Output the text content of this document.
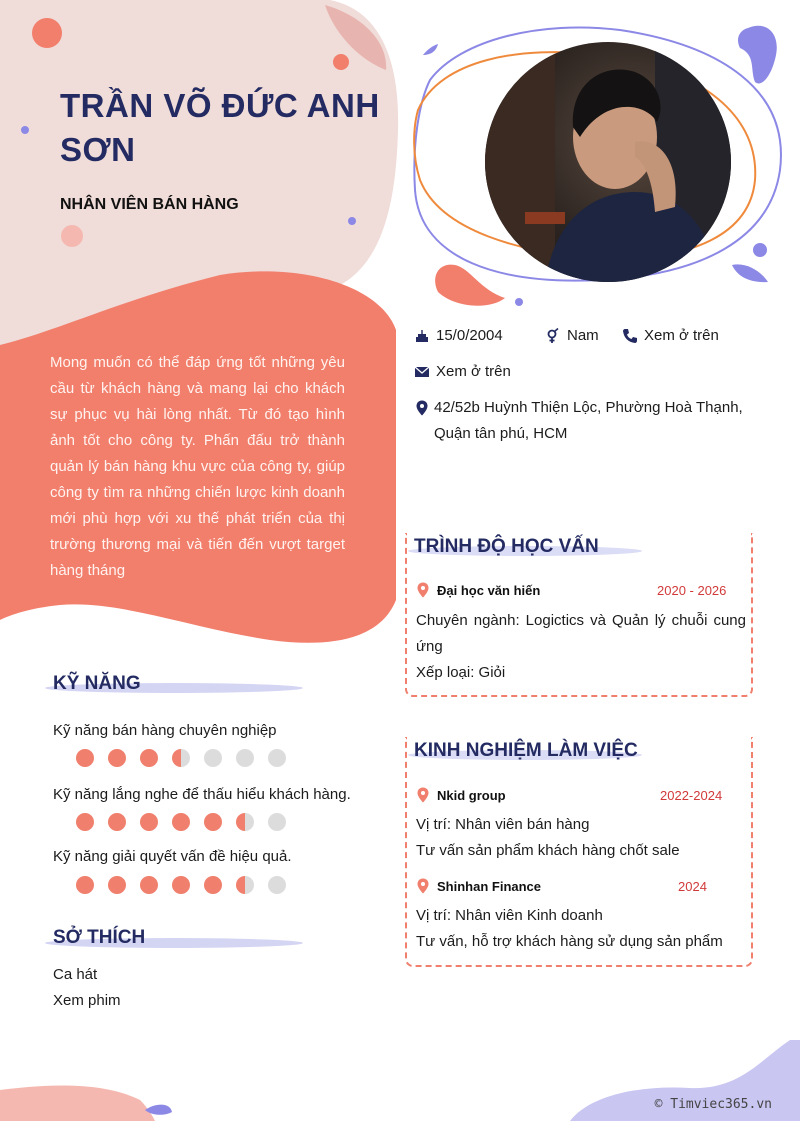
TRẦN VÕ ĐỨC ANH SƠN
NHÂN VIÊN BÁN HÀNG
Mong muốn có thể đáp ứng tốt những yêu cầu từ khách hàng và mang lại cho khách sự phục vụ hài lòng nhất. Từ đó tạo hình ảnh tốt cho công ty. Phấn đấu trở thành quản lý bán hàng khu vực của công ty, giúp công ty tìm ra những chiến lược kinh doanh mới phù hợp với xu thế phát triển của thị trường thương mại và tiến đến vượt target hàng tháng
15/0/2004	Nam	Xem ở trên
Xem ở trên
42/52b Huỳnh Thiện Lộc, Phường Hoà Thạnh,
Quận tân phú, HCM
KỸ NĂNG
Kỹ năng bán hàng chuyên nghiệp
Kỹ năng lắng nghe để thấu hiểu khách hàng.
Kỹ năng giải quyết vấn đề hiệu quả.
SỞ THÍCH
Ca hát
Xem phim
TRÌNH ĐỘ HỌC VẤN
Đại học văn hiến	2020 - 2026
Chuyên ngành: Logictics và Quản lý chuỗi cung ứng
Xếp loại: Giỏi
KINH NGHIỆM LÀM VIỆC
Nkid group	2022-2024
Vị trí: Nhân viên bán hàng
Tư vấn sản phẩm khách hàng chốt sale
Shinhan Finance	2024
Vị trí: Nhân viên Kinh doanh
Tư vấn, hỗ trợ khách hàng sử dụng sản phẩm
© Timviec365.vn
